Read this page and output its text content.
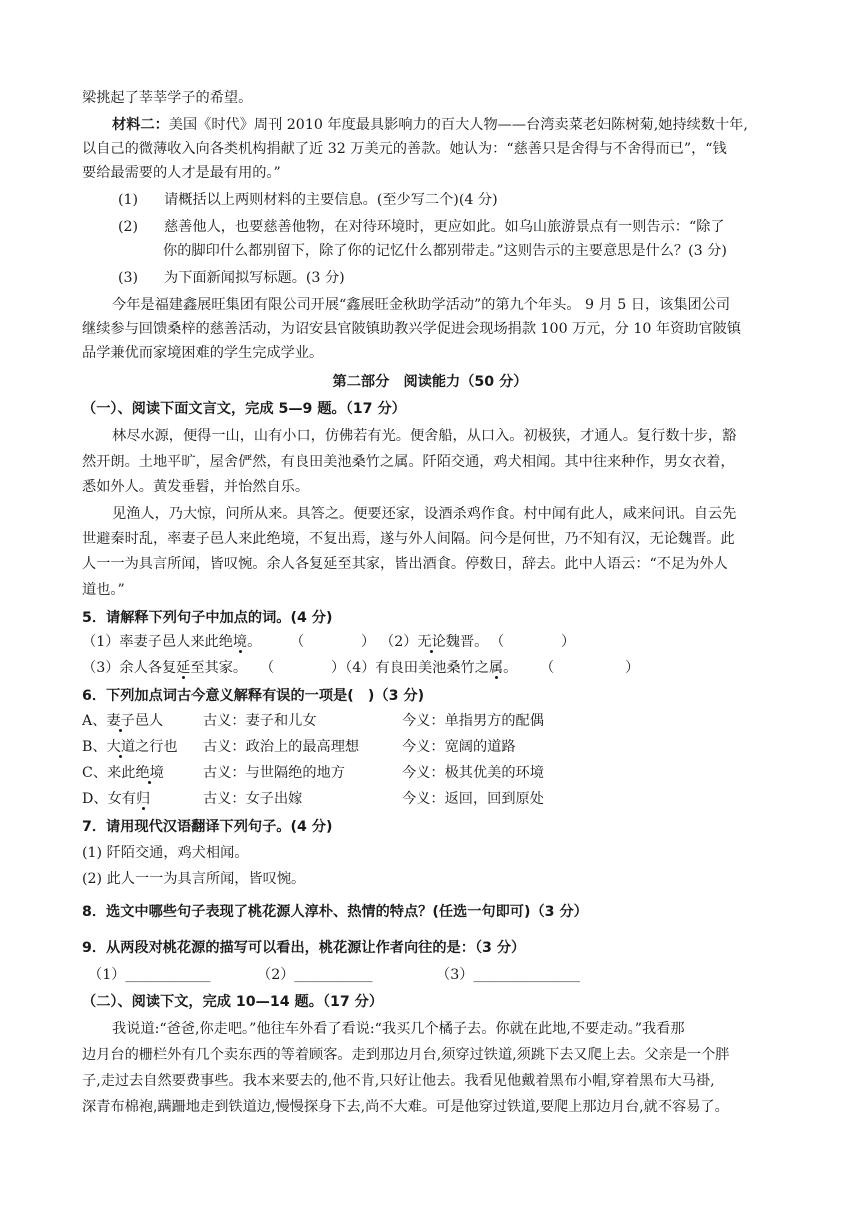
梁挑起了莘莘学子的希望。
材料二：美国《时代》周刊 2010 年度最具影响力的百大人物——台湾卖菜老妇陈树菊,她持续数十年,
以自己的微薄收入向各类机构捐献了近 32 万美元的善款。她认为：“慈善只是舍得与不舍得而已”，“钱
要给最需要的人才是最有用的。”
(1) 请概括以上两则材料的主要信息。(至少写二个)(4 分)
(2) 慈善他人，也要慈善他物，在对待环境时，更应如此。如乌山旅游景点有一则告示：“除了
你的脚印什么都别留下，除了你的记忆什么都别带走。”这则告示的主要意思是什么？(3 分)
(3) 为下面新闻拟写标题。(3 分)
今年是福建鑫展旺集团有限公司开展“鑫展旺金秋助学活动”的第九个年头。 9 月 5 日，该集团公司
继续参与回馈桑梓的慈善活动，为诏安县官陂镇助教兴学促进会现场捐款 100 万元，分 10 年资助官陂镇
品学兼优而家境困难的学生完成学业。
第二部分　阅读能力（50 分）
（一）、阅读下面文言文，完成 5—9 题。（17 分）
林尽水源，便得一山，山有小口，仿佛若有光。便舍船，从口入。初极狭，才通人。复行数十步，豁
然开朗。土地平旷，屋舍俨然，有良田美池桑竹之属。阡陌交通，鸡犬相闻。其中往来种作，男女衣着，
悉如外人。黄发垂髫，并怡然自乐。
见渔人，乃大惊，问所从来。具答之。便要还家，设酒杀鸡作食。村中闻有此人，咸来问讯。自云先
世避秦时乱，率妻子邑人来此绝境，不复出焉，遂与外人间隔。问今是何世，乃不知有汉，无论魏晋。此
人一一为具言所闻，皆叹惋。余人各复延至其家，皆出酒食。停数日，辞去。此中人语云：“不足为外人
道也。”
5．请解释下列句子中加点的词。(4 分)
（1）率妻子邑人来此绝境。 （　　　　） （2）无论魏晋。 （　　　　）
（3）余人各复延至其家。 （　　　　）
（4）有良田美池桑竹之属。 （　　　　　）
6．下列加点词古今意义解释有误的一项是(　)（3 分)
A、妻子邑人	古义：妻子和儿女	今义：单指男方的配偶
B、大道之行也 古义：政治上的最高理想	今义：宽阔的道路
C、来此绝境	古义：与世隔绝的地方	今义：极其优美的环境
D、女有归	古义：女子出嫁	今义：返回，回到原处
7．请用现代汉语翻译下列句子。(4 分)
(1) 阡陌交通，鸡犬相闻。
(2) 此人一一为具言所闻，皆叹惋。
8．选文中哪些句子表现了桃花源人淳朴、热情的特点？(任选一句即可)（3 分）
9．从两段对桃花源的描写可以看出，桃花源让作者向往的是：（3 分）
（1）____________	（2）___________	（3）_______________
（二）、阅读下文，完成 10—14 题。（17 分）
我说道:“爸爸,你走吧。”他往车外看了看说:“我买几个橘子去。你就在此地,不要走动。”我看那
边月台的栅栏外有几个卖东西的等着顾客。走到那边月台,须穿过铁道,须跳下去又爬上去。父亲是一个胖
子,走过去自然要费事些。我本来要去的,他不肯,只好让他去。我看见他戴着黑布小帽,穿着黑布大马褂,
深青布棉袍,蹒跚地走到铁道边,慢慢探身下去,尚不大难。可是他穿过铁道,要爬上那边月台,就不容易了。
